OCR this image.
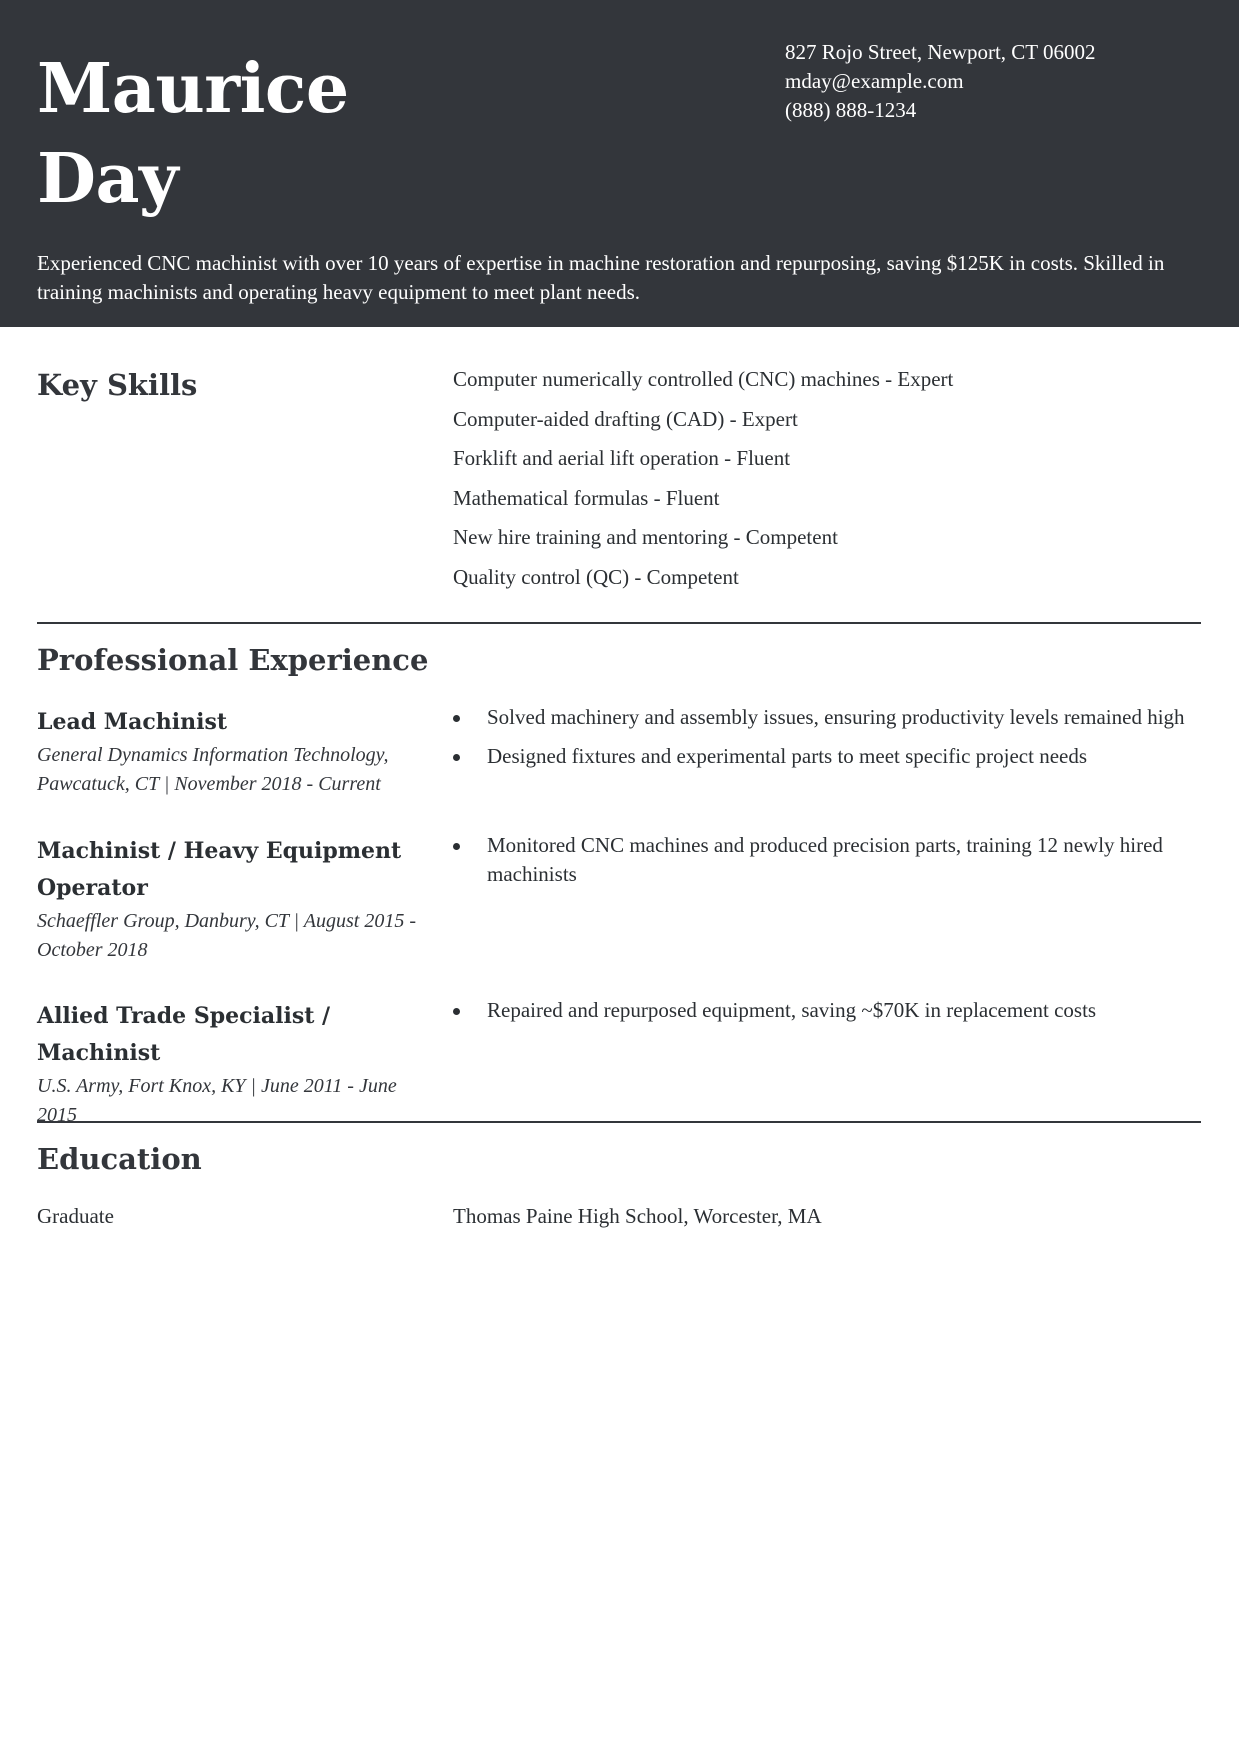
Maurice
Day
827 Rojo Street, Newport, CT 06002
mday@example.com
(888) 888-1234
Experienced CNC machinist with over 10 years of expertise in machine restoration and repurposing, saving $125K in costs. Skilled in training machinists and operating heavy equipment to meet plant needs.
Key Skills	Computer numerically controlled (CNC) machines - Expert
Computer-aided drafting (CAD) - Expert
Forklift and aerial lift operation - Fluent
Mathematical formulas - Fluent
New hire training and mentoring - Competent
Quality control (QC) - Competent
Professional Experience
Lead Machinist
General Dynamics Information Technology, Pawcatuck, CT | November 2018 - Current
Solved machinery and assembly issues, ensuring productivity levels remained high
Designed fixtures and experimental parts to meet specific project needs
Machinist / Heavy Equipment Operator
Schaeffler Group, Danbury, CT | August 2015 - October 2018
Monitored CNC machines and produced precision parts, training 12 newly hired machinists
Allied Trade Specialist / Machinist
U.S. Army, Fort Knox, KY | June 2011 - June 2015
Repaired and repurposed equipment, saving ~$70K in replacement costs
Education
Graduate	Thomas Paine High School, Worcester, MA
